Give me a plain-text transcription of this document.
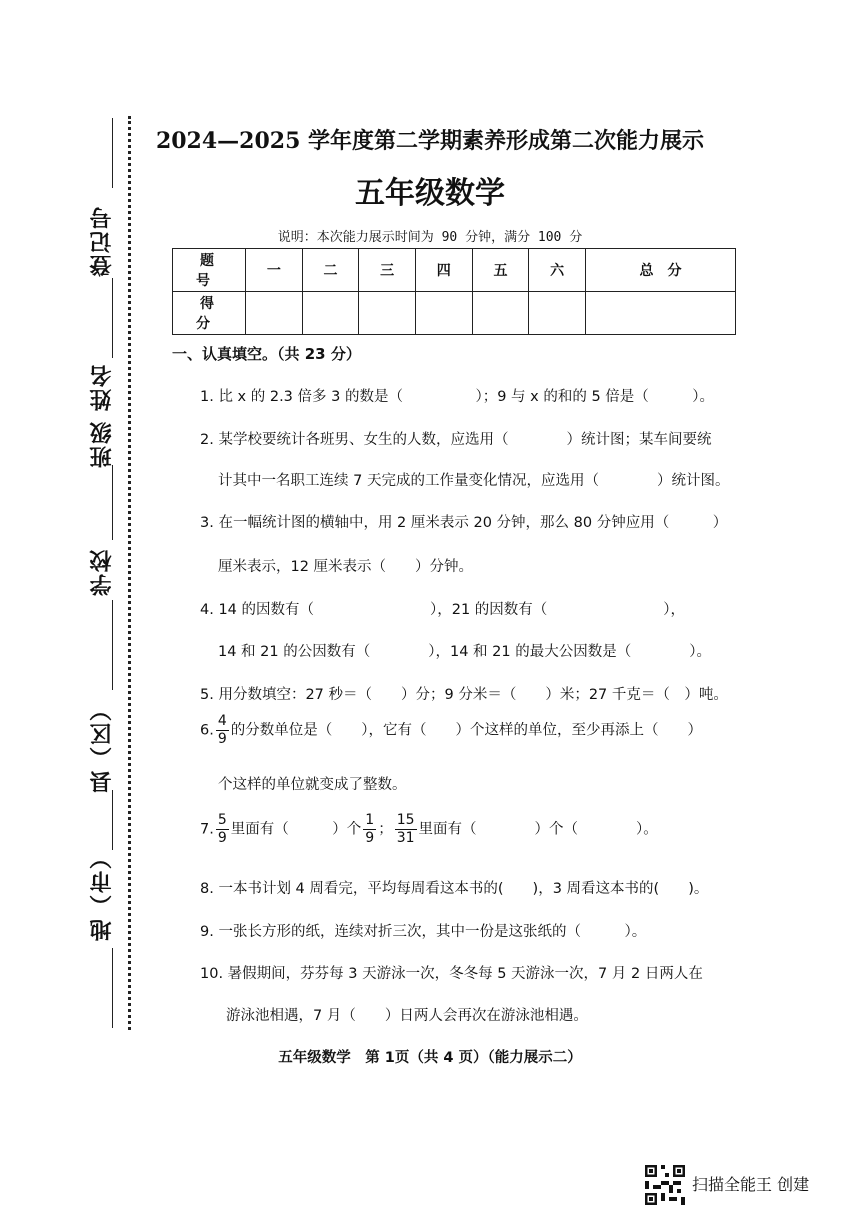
登记号
姓名
班级
学校
县（区）
地（市）
2024—2025 学年度第二学期素养形成第二次能力展示
五年级数学
说明：本次能力展示时间为 90 分钟，满分 100 分
题　号	一	二	三	四	五	六	总　分
得　分							
一、认真填空。（共 23 分）
1. 比 x 的 2.3 倍多 3 的数是（　　　　　）；9 与 x 的和的 5 倍是（　　　）。
2. 某学校要统计各班男、女生的人数，应选用（　　　　）统计图；某车间要统
计其中一名职工连续 7 天完成的工作量变化情况，应选用（　　　　）统计图。
3. 在一幅统计图的横轴中，用 2 厘米表示 20 分钟，那么 80 分钟应用（　　　）
厘米表示，12 厘米表示（　　）分钟。
4. 14 的因数有（　　　　　　　　），21 的因数有（　　　　　　　　），
14 和 21 的公因数有（　　　　），14 和 21 的最大公因数是（　　　　）。
5. 用分数填空：27 秒＝（　　）分；9 分米＝（　　）米；27 千克＝（　）吨。
6. $\frac{4}{9}$ 的分数单位是（　　），它有（　　）个这样的单位，至少再添上（　　）
个这样的单位就变成了整数。
7. $\frac{5}{9}$ 里面有（　　　）个 $\frac{1}{9}$ ； $\frac{15}{31}$ 里面有（　　　　）个（　　　　）。
8. 一本书计划 4 周看完，平均每周看这本书的(　　)，3 周看这本书的(　　)。
9. 一张长方形的纸，连续对折三次，其中一份是这张纸的（　　　）。
10. 暑假期间，芬芬每 3 天游泳一次，冬冬每 5 天游泳一次，7 月 2 日两人在
游泳池相遇，7 月（　　）日两人会再次在游泳池相遇。
五年级数学　第 1页（共 4 页）（能力展示二）
扫描全能王 创建
